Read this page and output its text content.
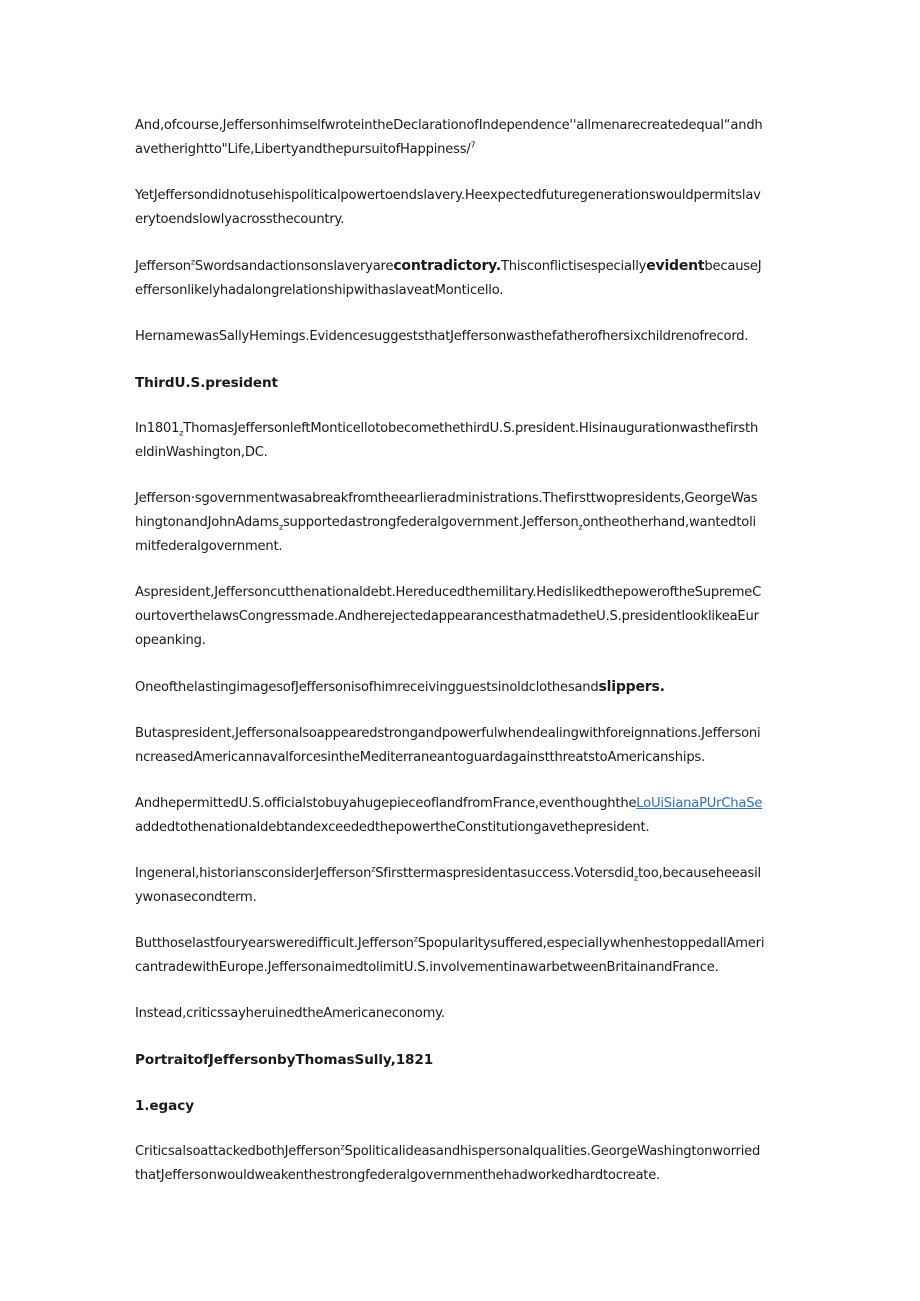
And,ofcourse,JeffersonhimselfwroteintheDeclarationofIndependence''allmenarecreatedequal“andh
avetherightto"Life,LibertyandthepursuitofHappiness/$^7$

YetJeffersondidnotusehispoliticalpowertoendslavery.Heexpectedfuturegenerationswouldpermitslav
erytoendslowlyacrossthecountry.

Jefferson$^z$Swordsandactionsonslaveryarecontradictory.ThisconflictisespeciallyevidentbecauseJ
effersonlikelyhadalongrelationshipwithaslaveatMonticello.

HernamewasSallyHemings.EvidencesuggeststhatJeffersonwasthefatherofhersixchildrenofrecord.

ThirdU.S.president

$In1801_zThomasJeffersonleftMonticellotobecomethethirdU.S.president.Hisinaugurationwasthefirsth$
eldinWashington,DC.

Jefferson·sgovernmentwasabreakfromtheearlieradministrations.Thefirsttwopresidents,GeorgeWas
hingtonandJohnAdams$_z$supportedastrongfederalgovernment.Jefferson$_z$ontheotherhand,wantedtoli
mitfederalgovernment.

Aspresident,Jeffersoncutthenationaldebt.Hereducedthemilitary.HedislikedthepoweroftheSupremeC
ourtoverthelawsCongressmade.AndherejectedappearancesthatmadetheU.S.presidentlooklikeaEur
opeanking.

OneofthelastingimagesofJeffersonisofhimreceivingguestsinoldclothesandslippers.

Butaspresident,Jeffersonalsoappearedstrongandpowerfulwhendealingwithforeignnations.Jeffersoni
ncreasedAmericannavalforcesintheMediterraneantoguardagainstthreatstoAmericanships.

AndhepermittedU.S.officialstobuyahugepieceoflandfromFrance,eventhoughtheLoUiSianaPUrChaSe
addedtothenationaldebtandexceededthepowertheConstitutiongavethepresident.

Ingeneral,historiansconsiderJefferson$^z$Sfirsttermaspresidentasuccess.Votersdid$_z$too,becauseheeasil
ywonasecondterm.

Butthoselastfouryearsweredifficult.Jefferson$^z$Spopularitysuffered,especiallywhenhestoppedallAmeri
cantradewithEurope.JeffersonaimedtolimitU.S.involvementinawarbetweenBritainandFrance.

Instead,criticssayheruinedtheAmericaneconomy.

PortraitofJeffersonbyThomasSully,1821
1.egacy

CriticsalsoattackedbothJefferson$^z$Spoliticalideasandhispersonalqualities.GeorgeWashingtonworried
thatJeffersonwouldweakenthestrongfederalgovernmenthehadworkedhardtocreate.
